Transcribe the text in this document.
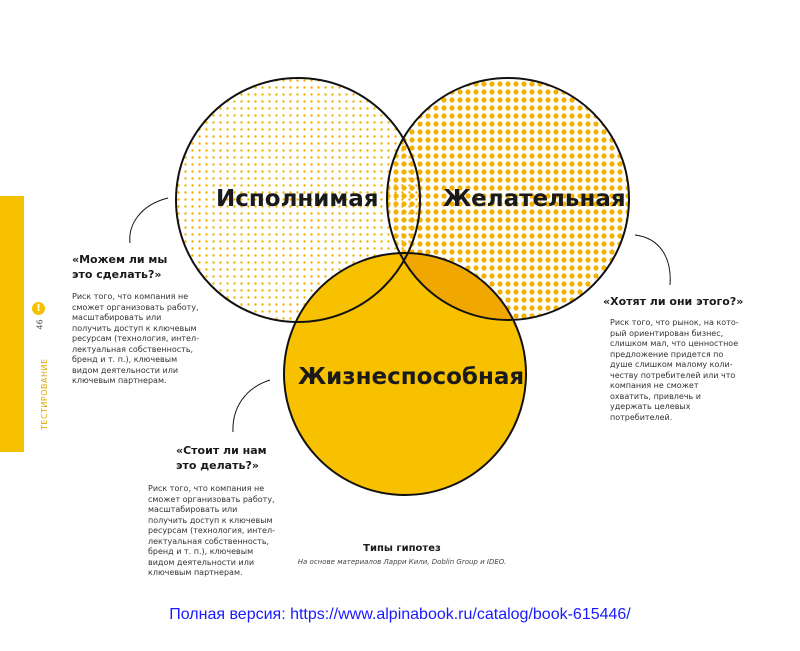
!
46
ТЕСТИРОВАНИЕ
Исполнимая	Желательная
Жизнеспособная
«Можем ли мы это сделать?»
Риск того, что компания не сможет организовать работу, масштабировать или получить доступ к ключевым ресурсам (технология, интел-лектуальная собственность, бренд и т. п.), ключевым видом деятельности или ключевым партнерам.
«Хотят ли они этого?»
Риск того, что рынок, на кото-рый ориентирован бизнес, слишком мал, что ценностное предложение придется по душе слишком малому коли-честву потребителей или что компания не сможет охватить, привлечь и удержать целевых потребителей.
«Стоит ли нам это делать?»
Риск того, что компания не сможет организовать работу, масштабировать или получить доступ к ключевым ресурсам (технология, интел-лектуальная собственность, бренд и т. п.), ключевым видом деятельности или ключевым партнерам.
Типы гипотез
На основе материалов Ларри Кили, Doblin Group и IDEO.
Полная версия: https://www.alpinabook.ru/catalog/book-615446/
